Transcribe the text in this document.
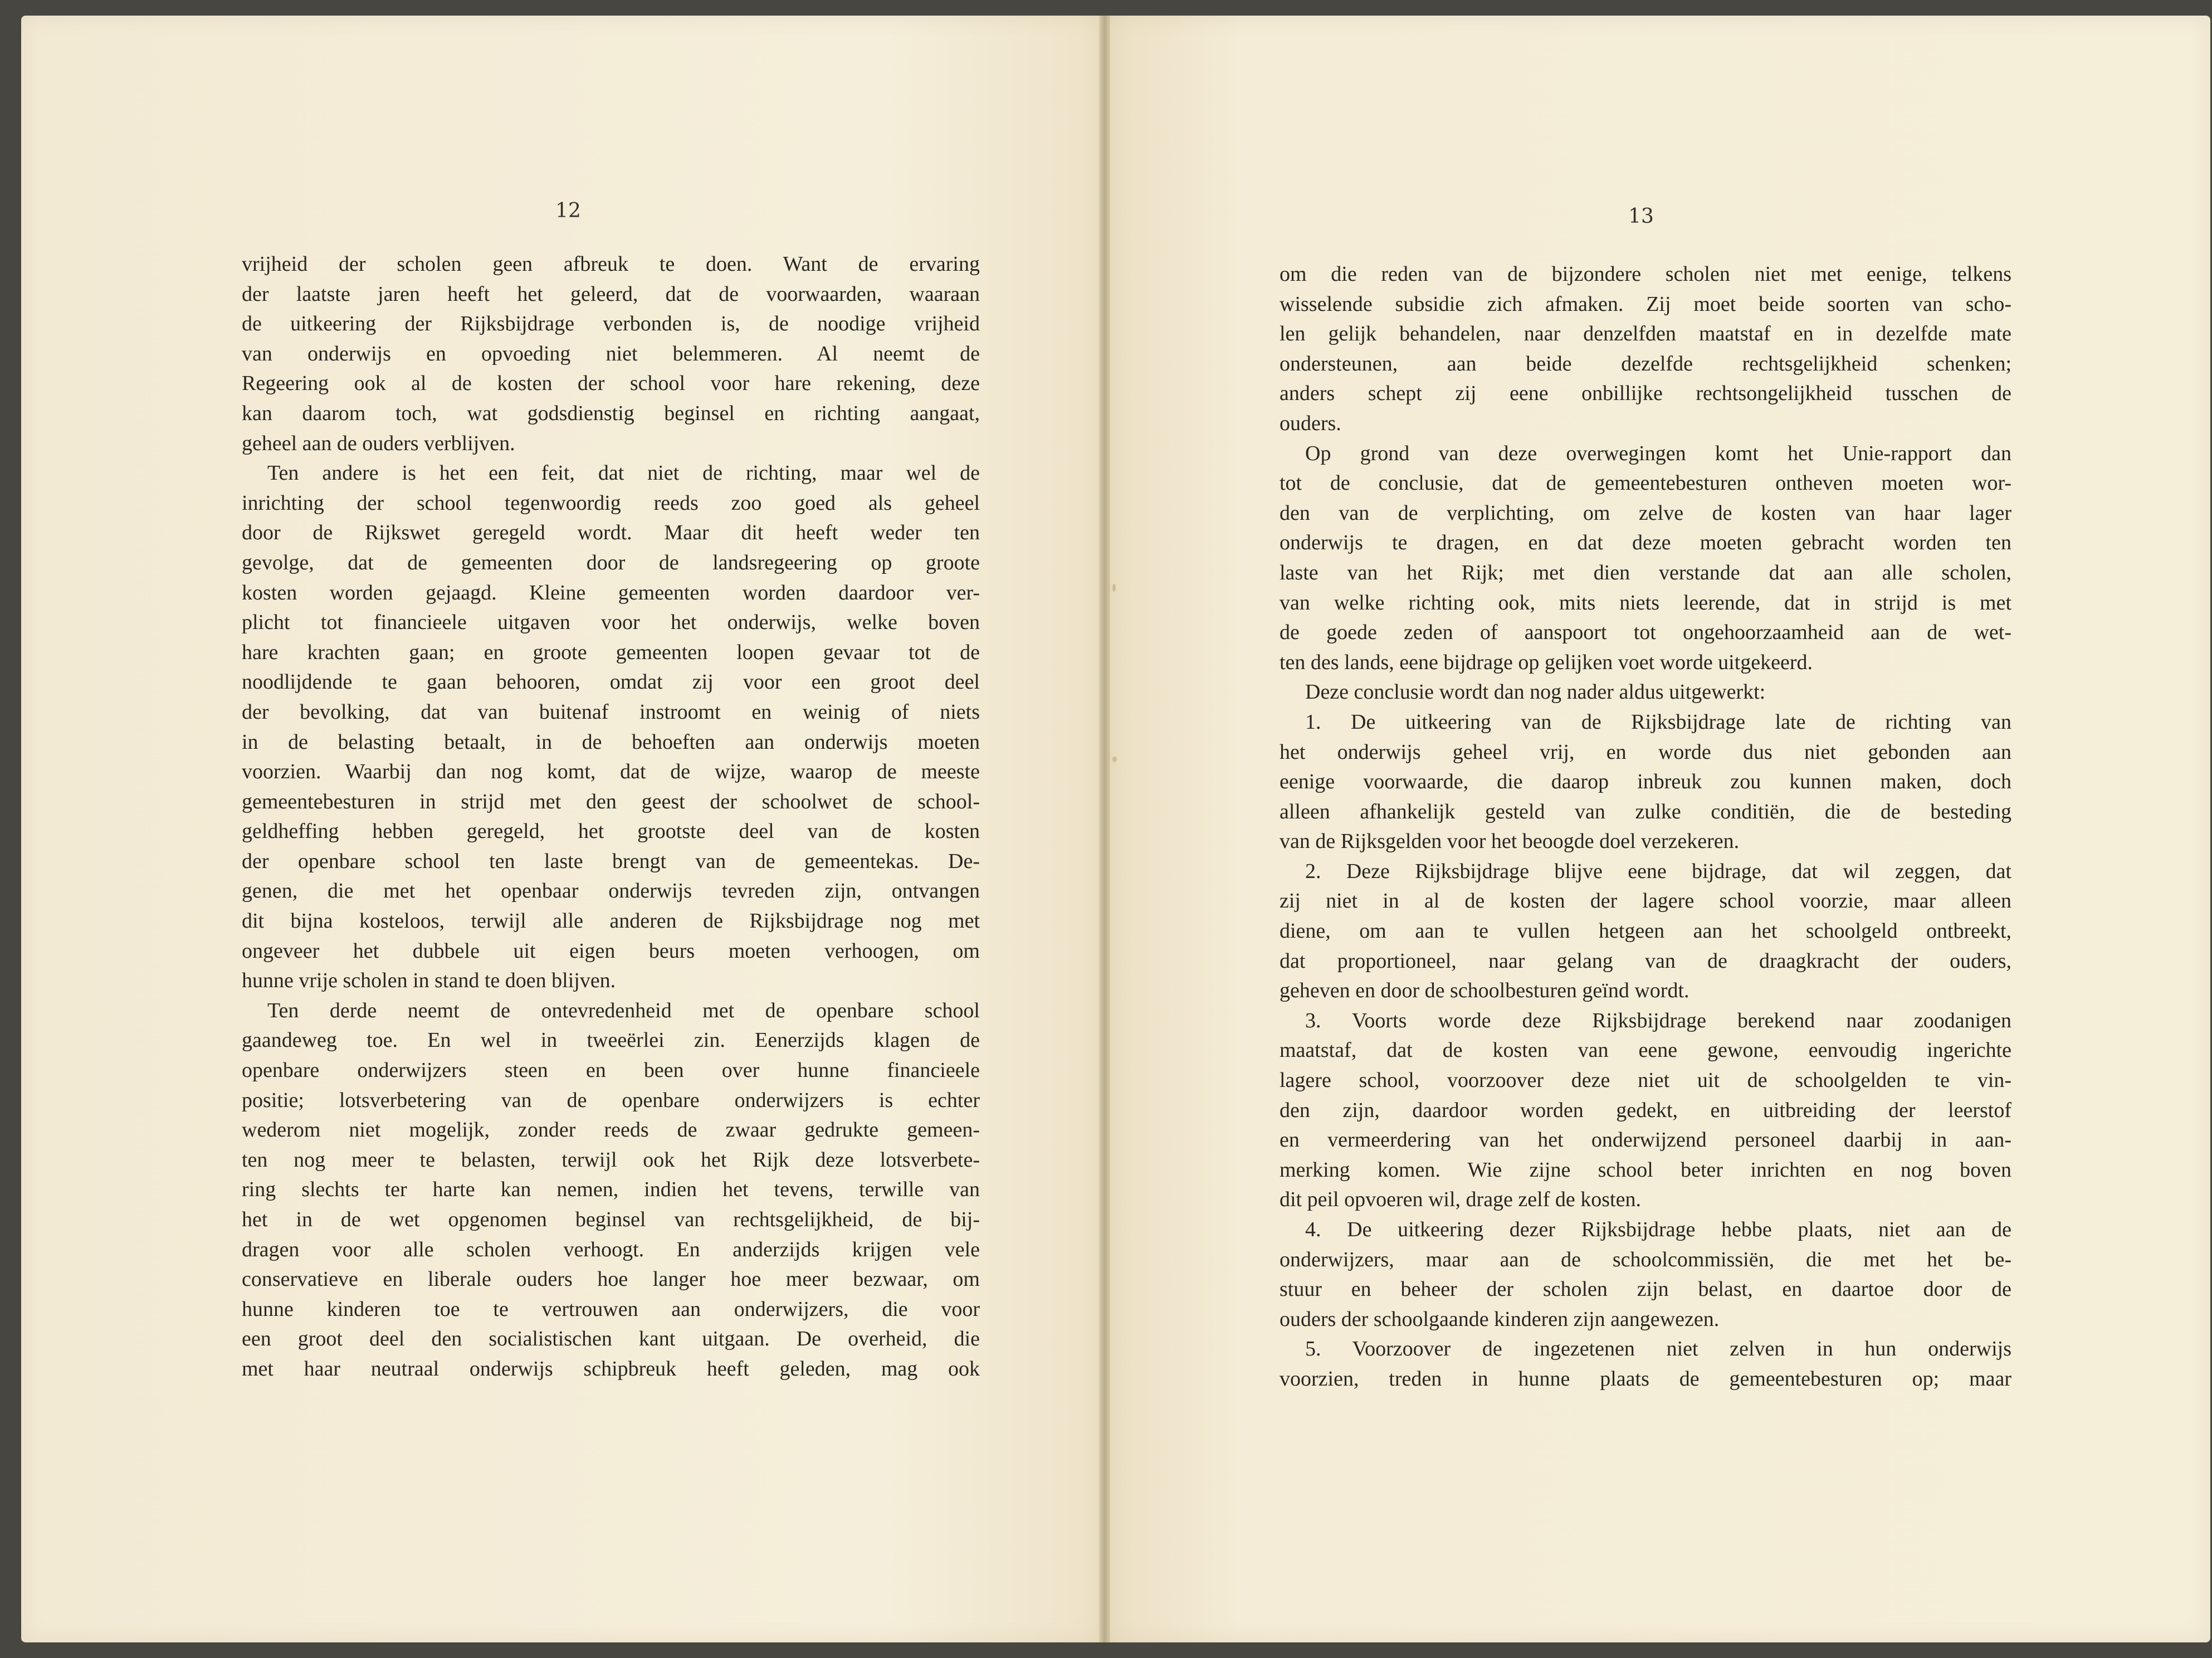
12
vrijheid der scholen geen afbreuk te doen. Want de ervaring
der laatste jaren heeft het geleerd, dat de voorwaarden, waaraan
de uitkeering der Rijksbijdrage verbonden is, de noodige vrijheid
van onderwijs en opvoeding niet belemmeren. Al neemt de
Regeering ook al de kosten der school voor hare rekening, deze
kan daarom toch, wat godsdienstig beginsel en richting aangaat,
geheel aan de ouders verblijven.
Ten andere is het een feit, dat niet de richting, maar wel de
inrichting der school tegenwoordig reeds zoo goed als geheel
door de Rijkswet geregeld wordt. Maar dit heeft weder ten
gevolge, dat de gemeenten door de landsregeering op groote
kosten worden gejaagd. Kleine gemeenten worden daardoor ver-
plicht tot financieele uitgaven voor het onderwijs, welke boven
hare krachten gaan; en groote gemeenten loopen gevaar tot de
noodlijdende te gaan behooren, omdat zij voor een groot deel
der bevolking, dat van buitenaf instroomt en weinig of niets
in de belasting betaalt, in de behoeften aan onderwijs moeten
voorzien. Waarbij dan nog komt, dat de wijze, waarop de meeste
gemeentebesturen in strijd met den geest der schoolwet de school-
geldheffing hebben geregeld, het grootste deel van de kosten
der openbare school ten laste brengt van de gemeentekas. De-
genen, die met het openbaar onderwijs tevreden zijn, ontvangen
dit bijna kosteloos, terwijl alle anderen de Rijksbijdrage nog met
ongeveer het dubbele uit eigen beurs moeten verhoogen, om
hunne vrije scholen in stand te doen blijven.
Ten derde neemt de ontevredenheid met de openbare school
gaandeweg toe. En wel in tweeërlei zin. Eenerzijds klagen de
openbare onderwijzers steen en been over hunne financieele
positie; lotsverbetering van de openbare onderwijzers is echter
wederom niet mogelijk, zonder reeds de zwaar gedrukte gemeen-
ten nog meer te belasten, terwijl ook het Rijk deze lotsverbete-
ring slechts ter harte kan nemen, indien het tevens, terwille van
het in de wet opgenomen beginsel van rechtsgelijkheid, de bij-
dragen voor alle scholen verhoogt. En anderzijds krijgen vele
conservatieve en liberale ouders hoe langer hoe meer bezwaar, om
hunne kinderen toe te vertrouwen aan onderwijzers, die voor
een groot deel den socialistischen kant uitgaan. De overheid, die
met haar neutraal onderwijs schipbreuk heeft geleden, mag ook
13
om die reden van de bijzondere scholen niet met eenige, telkens
wisselende subsidie zich afmaken. Zij moet beide soorten van scho-
len gelijk behandelen, naar denzelfden maatstaf en in dezelfde mate
ondersteunen, aan beide dezelfde rechtsgelijkheid schenken;
anders schept zij eene onbillijke rechtsongelijkheid tusschen de
ouders.
Op grond van deze overwegingen komt het Unie-rapport dan
tot de conclusie, dat de gemeentebesturen ontheven moeten wor-
den van de verplichting, om zelve de kosten van haar lager
onderwijs te dragen, en dat deze moeten gebracht worden ten
laste van het Rijk; met dien verstande dat aan alle scholen,
van welke richting ook, mits niets leerende, dat in strijd is met
de goede zeden of aanspoort tot ongehoorzaamheid aan de wet-
ten des lands, eene bijdrage op gelijken voet worde uitgekeerd.
Deze conclusie wordt dan nog nader aldus uitgewerkt:
1. De uitkeering van de Rijksbijdrage late de richting van
het onderwijs geheel vrij, en worde dus niet gebonden aan
eenige voorwaarde, die daarop inbreuk zou kunnen maken, doch
alleen afhankelijk gesteld van zulke conditiën, die de besteding
van de Rijksgelden voor het beoogde doel verzekeren.
2. Deze Rijksbijdrage blijve eene bijdrage, dat wil zeggen, dat
zij niet in al de kosten der lagere school voorzie, maar alleen
diene, om aan te vullen hetgeen aan het schoolgeld ontbreekt,
dat proportioneel, naar gelang van de draagkracht der ouders,
geheven en door de schoolbesturen geïnd wordt.
3. Voorts worde deze Rijksbijdrage berekend naar zoodanigen
maatstaf, dat de kosten van eene gewone, eenvoudig ingerichte
lagere school, voorzoover deze niet uit de schoolgelden te vin-
den zijn, daardoor worden gedekt, en uitbreiding der leerstof
en vermeerdering van het onderwijzend personeel daarbij in aan-
merking komen. Wie zijne school beter inrichten en nog boven
dit peil opvoeren wil, drage zelf de kosten.
4. De uitkeering dezer Rijksbijdrage hebbe plaats, niet aan de
onderwijzers, maar aan de schoolcommissiën, die met het be-
stuur en beheer der scholen zijn belast, en daartoe door de
ouders der schoolgaande kinderen zijn aangewezen.
5. Voorzoover de ingezetenen niet zelven in hun onderwijs
voorzien, treden in hunne plaats de gemeentebesturen op; maar
